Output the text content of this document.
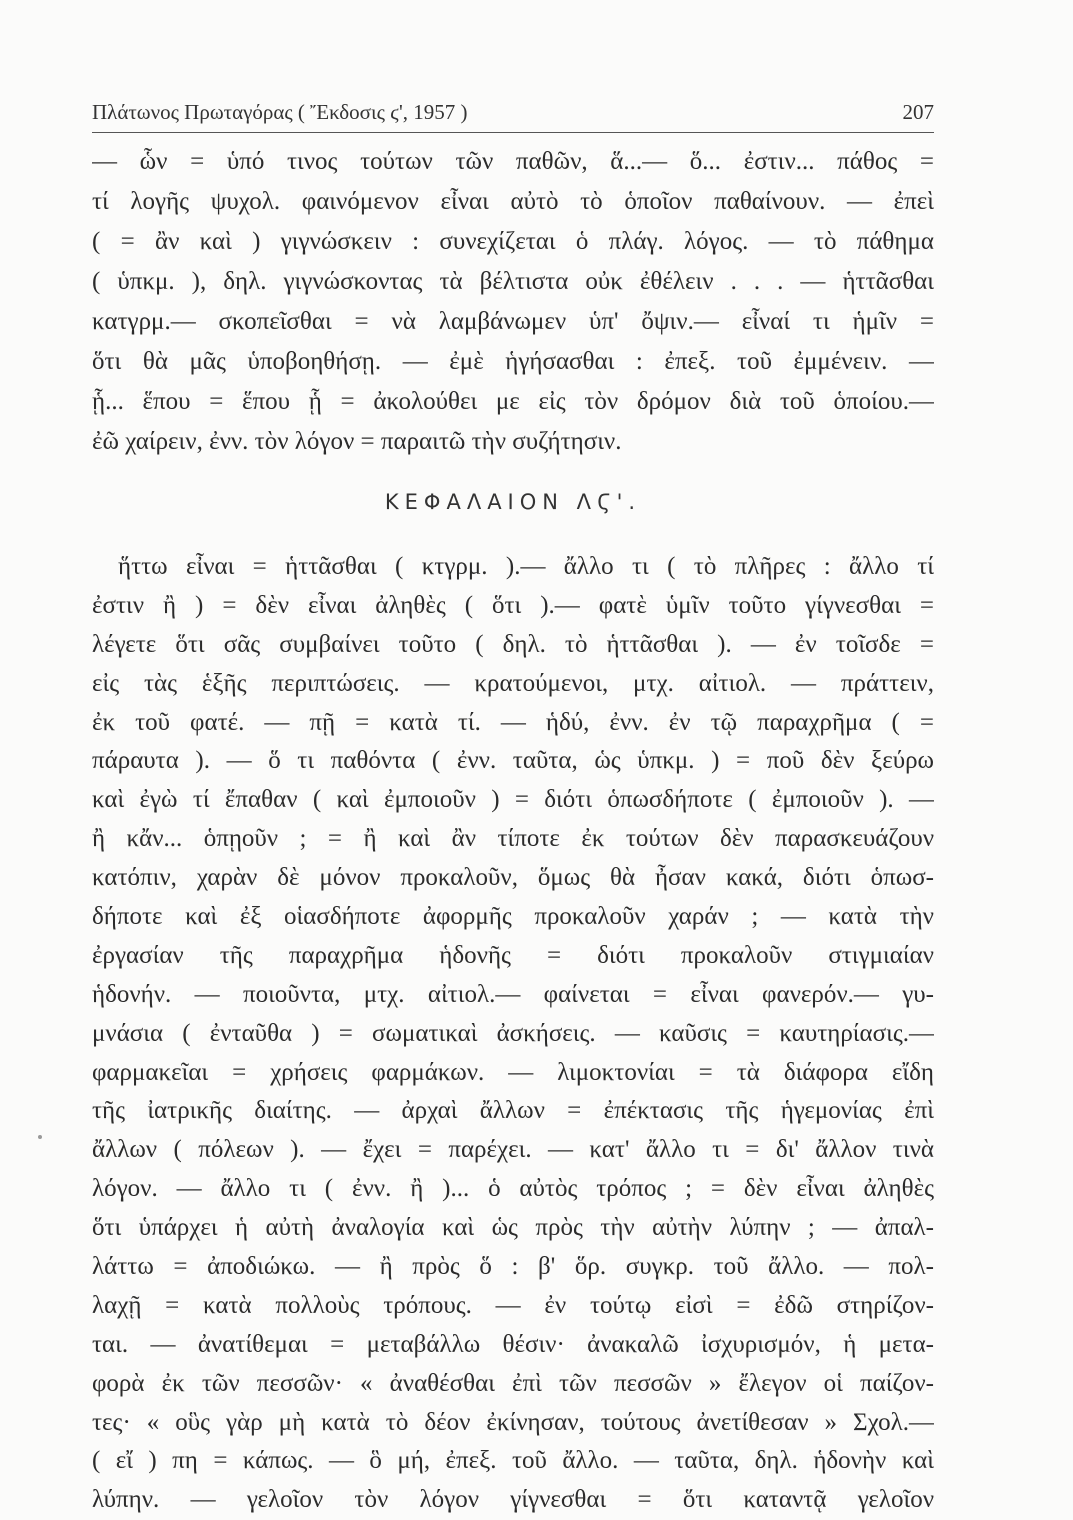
Πλάτωνος Πρωταγόρας ( Ἔκδοσις ϛ', 1957 )	207
— ὧν = ὑπό τινος τούτων τῶν παθῶν, ἅ...— ὅ... ἐστιν... πάθος =
τί λογῆς ψυχολ. φαινόμενον εἶναι αὐτὸ τὸ ὁποῖον παθαίνουν. — ἐπεὶ
( = ἂν καὶ ) γιγνώσκειν : συνεχίζεται ὁ πλάγ. λόγος. — τὸ πάθημα
( ὑπκμ. ), δηλ. γιγνώσκοντας τὰ βέλτιστα οὐκ ἐθέλειν . . . — ἡττᾶσθαι
κατγρμ.— σκοπεῖσθαι = νὰ λαμβάνωμεν ὑπ' ὄψιν.— εἶναί τι ἡμῖν =
ὅτι θὰ μᾶς ὑποβοηθήσῃ. — ἐμὲ ἡγήσασθαι : ἐπεξ. τοῦ ἐμμένειν. —
ᾗ... ἕπου = ἕπου ᾗ = ἀκολούθει με εἰς τὸν δρόμον διὰ τοῦ ὁποίου.—
ἐῶ χαίρειν, ἐνν. τὸν λόγον = παραιτῶ τὴν συζήτησιν.
ΚΕΦΑΛΑΙΟΝ ΛϚ'.
ἥττω εἶναι = ἡττᾶσθαι ( κτγρμ. ).— ἄλλο τι ( τὸ πλῆρες : ἄλλο τί
ἐστιν ἢ ) = δὲν εἶναι ἀληθὲς ( ὅτι ).— φατὲ ὑμῖν τοῦτο γίγνεσθαι =
λέγετε ὅτι σᾶς συμβαίνει τοῦτο ( δηλ. τὸ ἡττᾶσθαι ). — ἐν τοῖσδε =
εἰς τὰς ἑξῆς περιπτώσεις. — κρατούμενοι, μτχ. αἰτιολ. — πράττειν,
ἐκ τοῦ φατέ. — πῇ = κατὰ τί. — ἡδύ, ἐνν. ἐν τῷ παραχρῆμα ( =
πάραυτα ). — ὅ τι παθόντα ( ἐνν. ταῦτα, ὡς ὑπκμ. ) = ποῦ δὲν ξεύρω
καὶ ἐγὼ τί ἔπαθαν ( καὶ ἐμποιοῦν ) = διότι ὁπωσδήποτε ( ἐμποιοῦν ). —
ἢ κἄν... ὁπῃοῦν ; = ἢ καὶ ἂν τίποτε ἐκ τούτων δὲν παρασκευάζουν
κατόπιν, χαρὰν δὲ μόνον προκαλοῦν, ὅμως θὰ ἦσαν κακά, διότι ὁπωσ-
δήποτε καὶ ἐξ οἱασδήποτε ἀφορμῆς προκαλοῦν χαράν ; — κατὰ τὴν
ἐργασίαν τῆς παραχρῆμα ἡδονῆς = διότι προκαλοῦν στιγμιαίαν
ἡδονήν. — ποιοῦντα, μτχ. αἰτιολ.— φαίνεται = εἶναι φανερόν.— γυ-
μνάσια ( ἐνταῦθα ) = σωματικαὶ ἀσκήσεις. — καῦσις = καυτηρίασις.—
φαρμακεῖαι = χρήσεις φαρμάκων. — λιμοκτονίαι = τὰ διάφορα εἴδη
τῆς ἰατρικῆς διαίτης. — ἀρχαὶ ἄλλων = ἐπέκτασις τῆς ἡγεμονίας ἐπὶ
ἄλλων ( πόλεων ). — ἔχει = παρέχει. — κατ' ἄλλο τι = δι' ἄλλον τινὰ
λόγον. — ἄλλο τι ( ἐνν. ἢ )... ὁ αὐτὸς τρόπος ; = δὲν εἶναι ἀληθὲς
ὅτι ὑπάρχει ἡ αὐτὴ ἀναλογία καὶ ὡς πρὸς τὴν αὐτὴν λύπην ; — ἀπαλ-
λάττω = ἀποδιώκω. — ἢ πρὸς ὅ : β' ὅρ. συγκρ. τοῦ ἄλλο. — πολ-
λαχῇ = κατὰ πολλοὺς τρόπους. — ἐν τούτῳ εἰσὶ = ἐδῶ στηρίζον-
ται. — ἀνατίθεμαι = μεταβάλλω θέσιν· ἀνακαλῶ ἰσχυρισμόν, ἡ μετα-
φορὰ ἐκ τῶν πεσσῶν· « ἀναθέσθαι ἐπὶ τῶν πεσσῶν » ἔλεγον οἱ παίζον-
τες· « οὓς γὰρ μὴ κατὰ τὸ δέον ἐκίνησαν, τούτους ἀνετίθεσαν » Σχολ.—
( εἴ ) πη = κάπως. — ὃ μή, ἐπεξ. τοῦ ἄλλο. — ταῦτα, δηλ. ἡδονὴν καὶ
λύπην. — γελοῖον τὸν λόγον γίγνεσθαι = ὅτι καταντᾷ γελοῖον
